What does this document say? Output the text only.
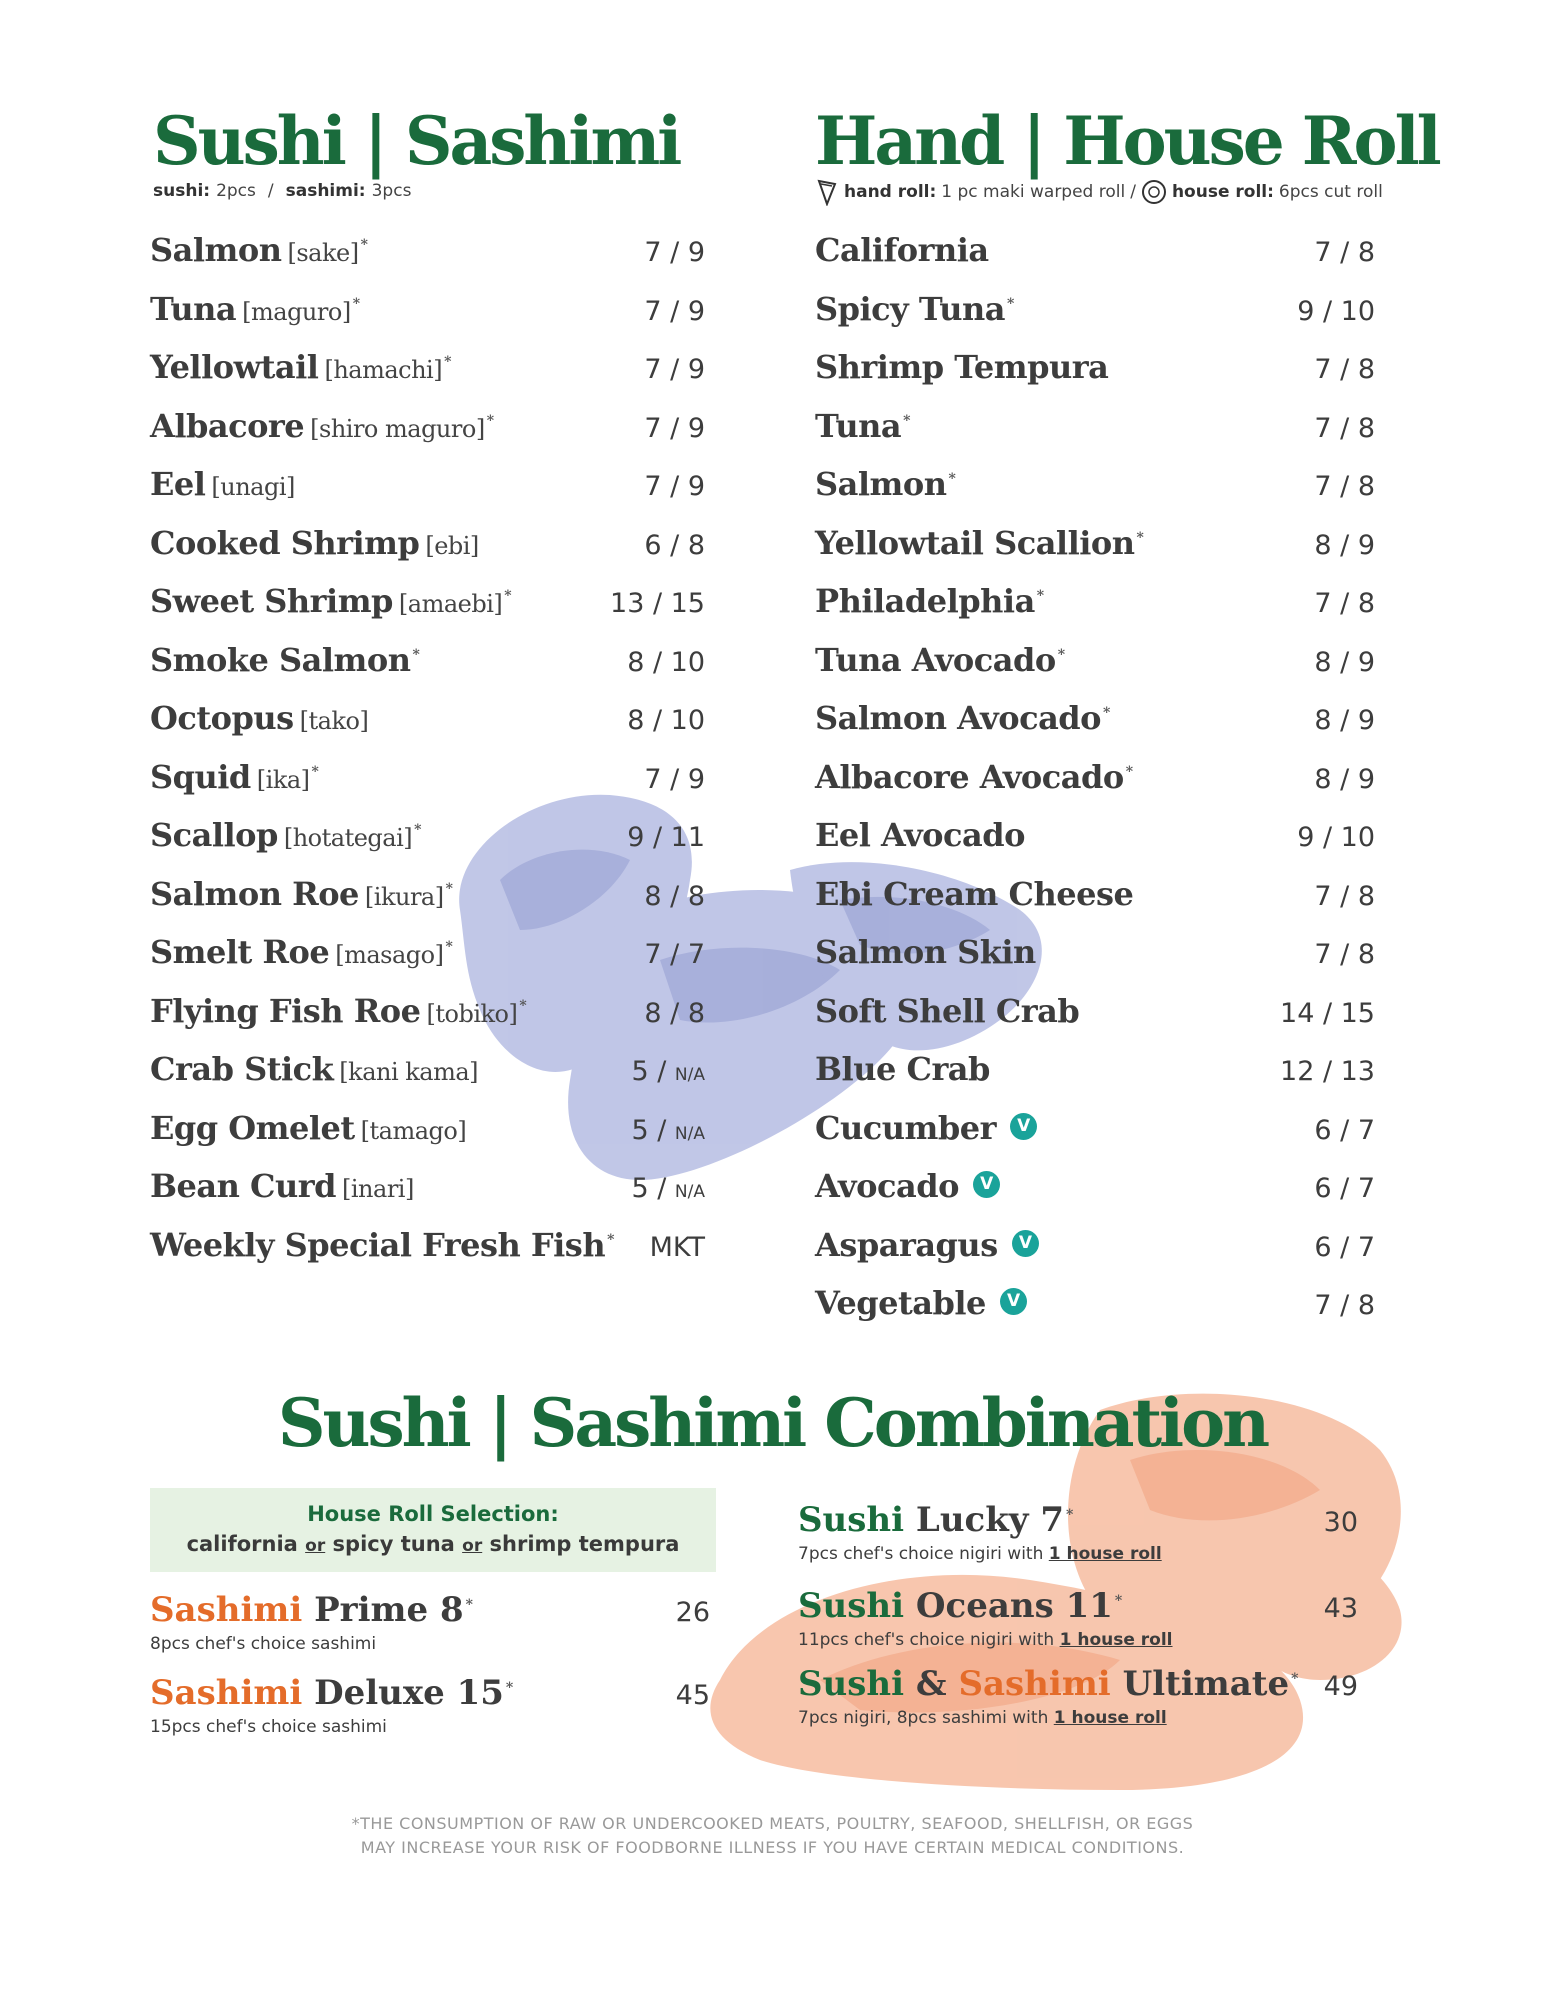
Sushi | Sashimi
sushi: 2pcs / sashimi: 3pcs
Salmon [sake] *	7 / 9
Tuna [maguro] *	7 / 9
Yellowtail [hamachi] *	7 / 9
Albacore [shiro maguro] *	7 / 9
Eel [unagi]	7 / 9
Cooked Shrimp [ebi]	6 / 8
Sweet Shrimp [amaebi] *	13 / 15
Smoke Salmon *	8 / 10
Octopus [tako]	8 / 10
Squid [ika] *	7 / 9
Scallop [hotategai] *	9 / 11
Salmon Roe [ikura] *	8 / 8
Smelt Roe [masago] *	7 / 7
Flying Fish Roe [tobiko] *	8 / 8
Crab Stick [kani kama]	5 / N/A
Egg Omelet [tamago]	5 / N/A
Bean Curd [inari]	5 / N/A
Weekly Special Fresh Fish * MKT
Hand | House Roll
hand roll: 1 pc maki warped roll / house roll: 6pcs cut roll
California	7 / 8
Spicy Tuna *	9 / 10
Shrimp Tempura	7 / 8
Tuna *	7 / 8
Salmon *	7 / 8
Yellowtail Scallion *	8 / 9
Philadelphia *	7 / 8
Tuna Avocado *	8 / 9
Salmon Avocado *	8 / 9
Albacore Avocado *	8 / 9
Eel Avocado	9 / 10
Ebi Cream Cheese	7 / 8
Salmon Skin	7 / 8
Soft Shell Crab	14 / 15
Blue Crab	12 / 13
Cucumber V	6 / 7
Avocado V	6 / 7
Asparagus V	6 / 7
Vegetable V	7 / 8
Sushi | Sashimi Combination
House Roll Selection:
california or spicy tuna or shrimp tempura
Sashimi Prime 8 *	26
8pcs chef's choice sashimi
Sashimi Deluxe 15 *	45
15pcs chef's choice sashimi
Sushi Lucky 7 *	30
7pcs chef's choice nigiri with 1 house roll
Sushi Oceans 11 *	43
11pcs chef's choice nigiri with 1 house roll
Sushi & Sashimi Ultimate * 49
7pcs nigiri, 8pcs sashimi with 1 house roll
*THE CONSUMPTION OF RAW OR UNDERCOOKED MEATS, POULTRY, SEAFOOD, SHELLFISH, OR EGGS
MAY INCREASE YOUR RISK OF FOODBORNE ILLNESS IF YOU HAVE CERTAIN MEDICAL CONDITIONS.
